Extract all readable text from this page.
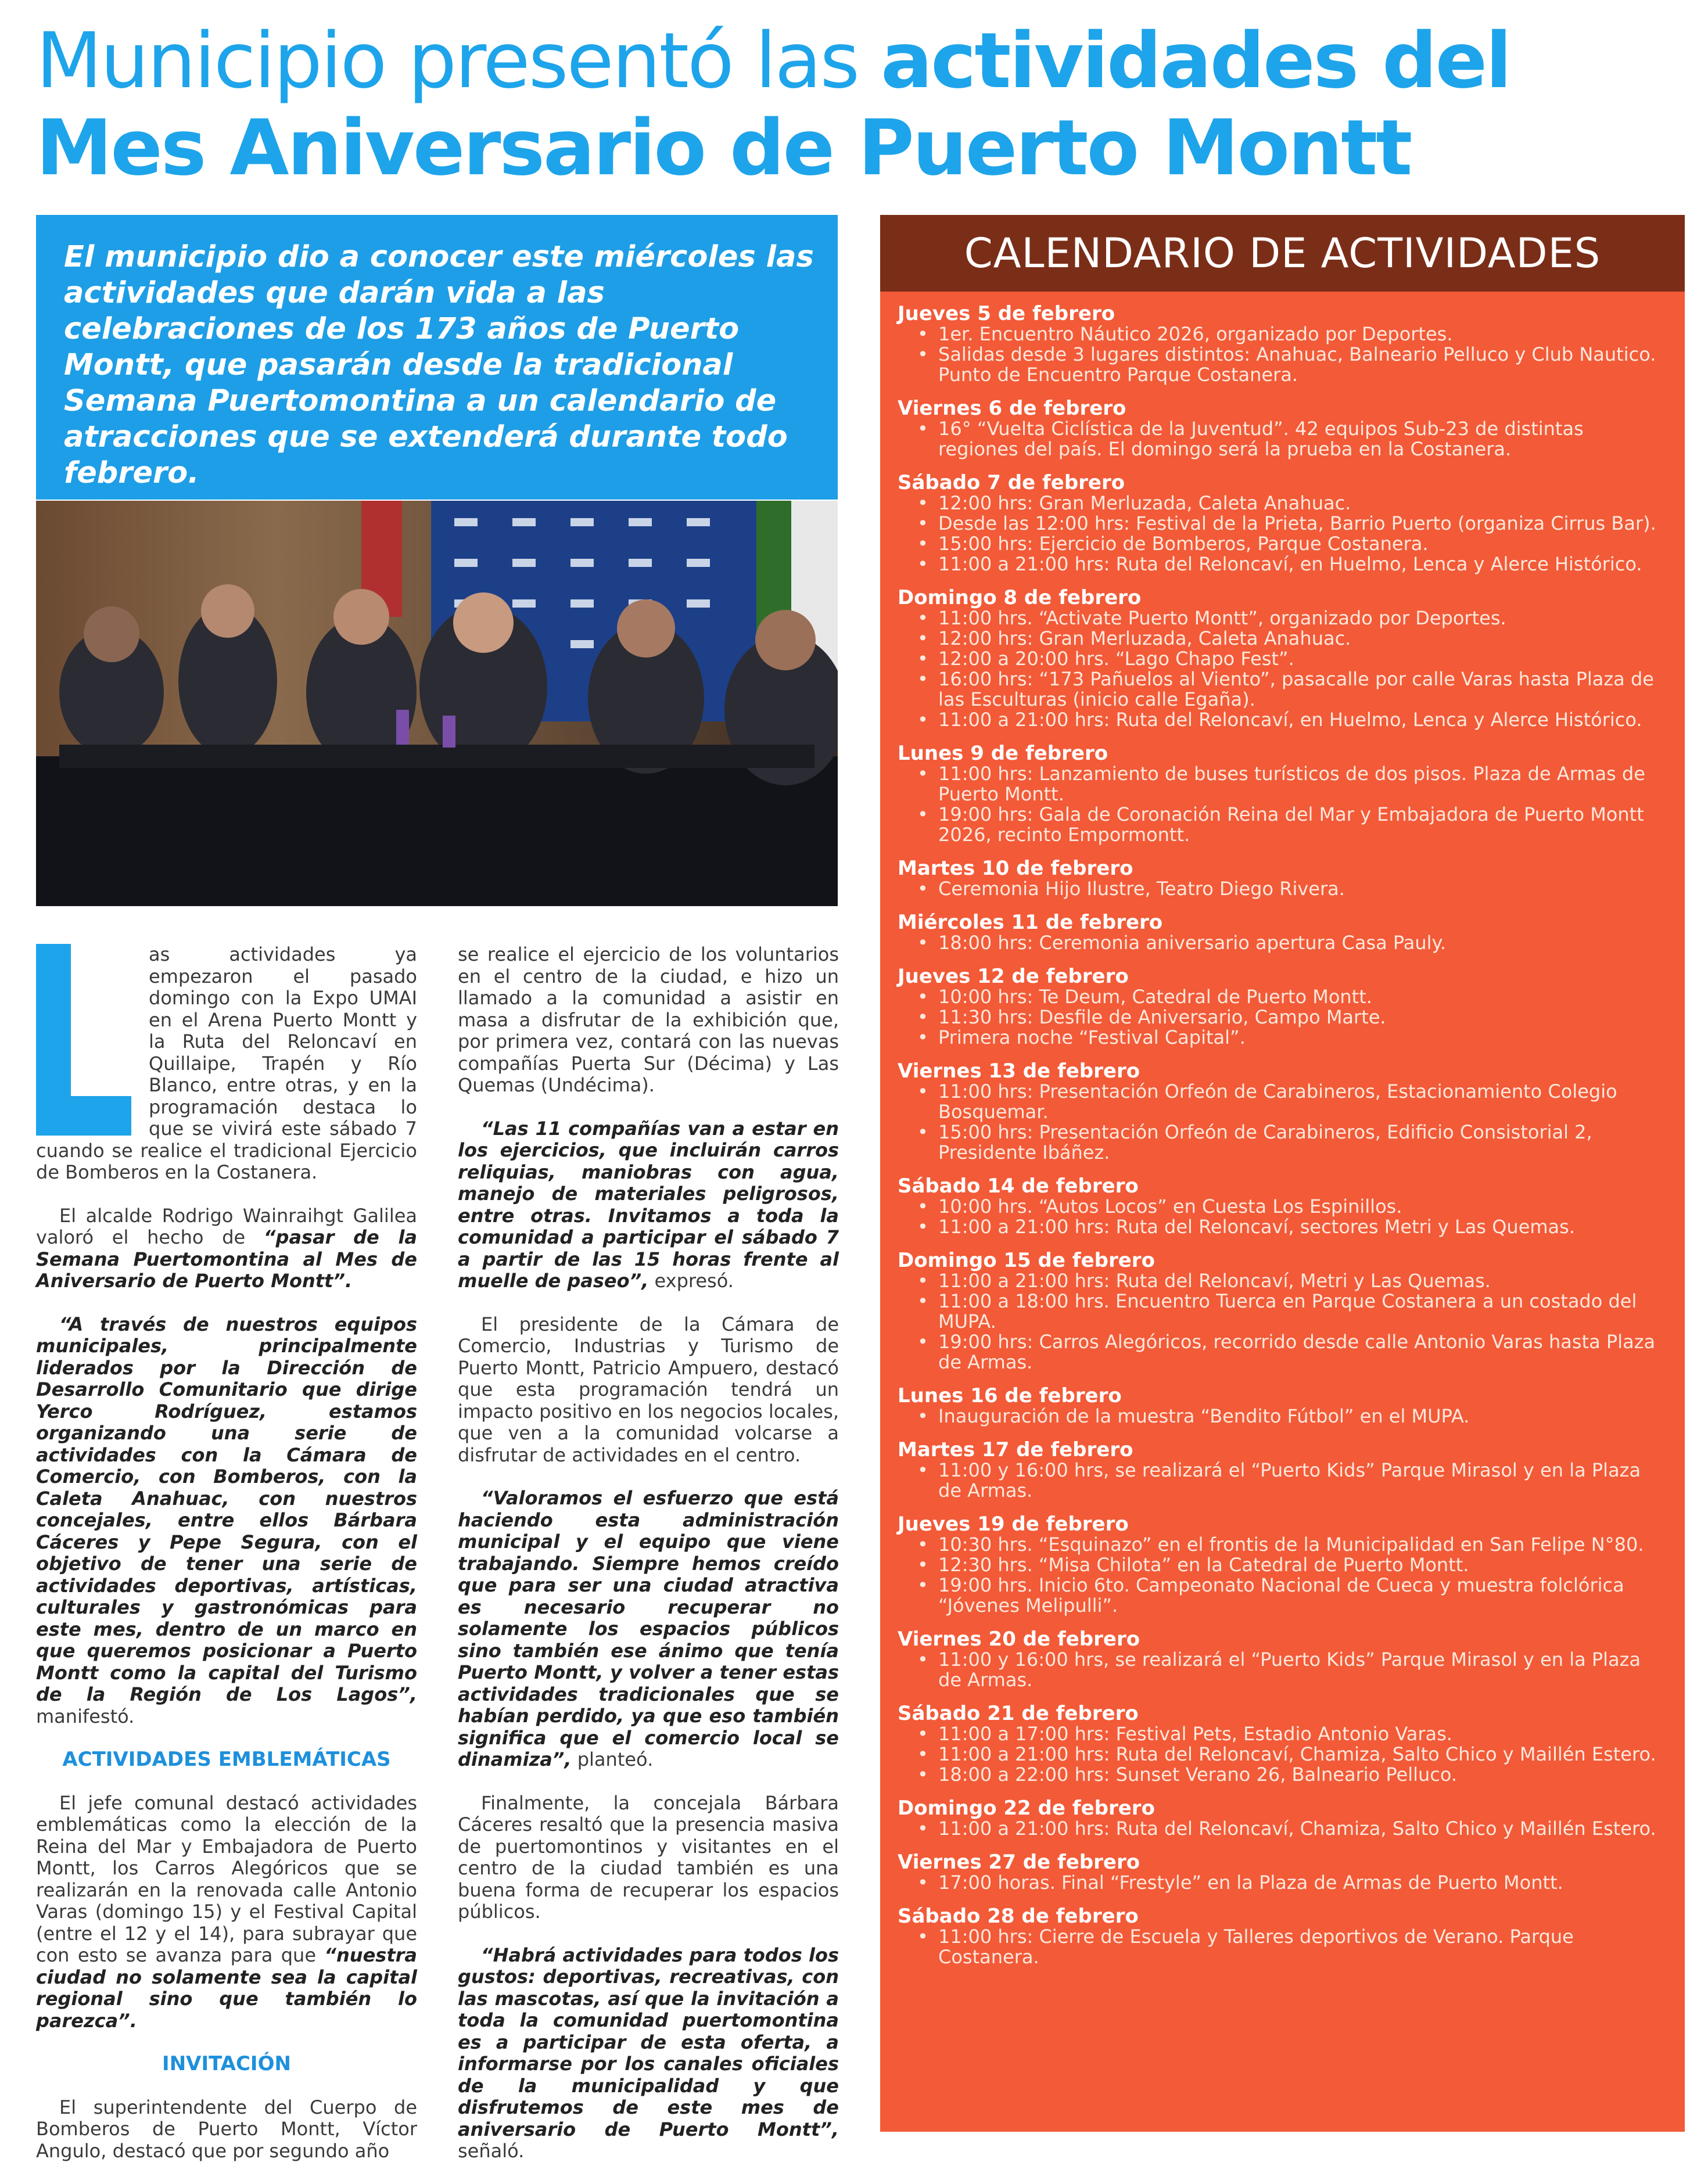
Municipio presentó las actividades del
Mes Aniversario de Puerto Montt

El municipio dio a conocer este miércoles las actividades que darán vida a las celebraciones de los 173 años de Puerto Montt, que pasarán desde la tradicional Semana Puertomontina a un calendario de atracciones que se extenderá durante todo febrero.

as actividades ya empezaron el pasado domingo con la Expo UMAI en el Arena Puerto Montt y la Ruta del Reloncaví en Quillaipe, Trapén y Río Blanco, entre otras, y en la programación destaca lo que se vivirá este sábado 7 cuando se realice el tradicional Ejercicio de Bomberos en la Costanera.

El alcalde Rodrigo Wainraihgt Galilea valoró el hecho de “pasar de la Semana Puertomontina al Mes de Aniversario de Puerto Montt”.

“A través de nuestros equipos municipales, principalmente liderados por la Dirección de Desarrollo Comunitario que dirige Yerco Rodríguez, estamos organizando una serie de actividades con la Cámara de Comercio, con Bomberos, con la Caleta Anahuac, con nuestros concejales, entre ellos Bárbara Cáceres y Pepe Segura, con el objetivo de tener una serie de actividades deportivas, artísticas, culturales y gastronómicas para este mes, dentro de un marco en que queremos posicionar a Puerto Montt como la capital del Turismo de la Región de Los Lagos”, manifestó.

ACTIVIDADES EMBLEMÁTICAS

El jefe comunal destacó actividades emblemáticas como la elección de la Reina del Mar y Embajadora de Puerto Montt, los Carros Alegóricos que se realizarán en la renovada calle Antonio Varas (domingo 15) y el Festival Capital (entre el 12 y el 14), para subrayar que con esto se avanza para que “nuestra ciudad no solamente sea la capital regional sino que también lo parezca”.

INVITACIÓN

El superintendente del Cuerpo de Bomberos de Puerto Montt, Víctor Angulo, destacó que por segundo año

se realice el ejercicio de los voluntarios en el centro de la ciudad, e hizo un llamado a la comunidad a asistir en masa a disfrutar de la exhibición que, por primera vez, contará con las nuevas compañías Puerta Sur (Décima) y Las Quemas (Undécima).

“Las 11 compañías van a estar en los ejercicios, que incluirán carros reliquias, maniobras con agua, manejo de materiales peligrosos, entre otras. Invitamos a toda la comunidad a participar el sábado 7 a partir de las 15 horas frente al muelle de paseo”, expresó.

El presidente de la Cámara de Comercio, Industrias y Turismo de Puerto Montt, Patricio Ampuero, destacó que esta programación tendrá un impacto positivo en los negocios locales, que ven a la comunidad volcarse a disfrutar de actividades en el centro.

“Valoramos el esfuerzo que está haciendo esta administración municipal y el equipo que viene trabajando. Siempre hemos creído que para ser una ciudad atractiva es necesario recuperar no solamente los espacios públicos sino también ese ánimo que tenía Puerto Montt, y volver a tener estas actividades tradicionales que se habían perdido, ya que eso también significa que el comercio local se dinamiza”, planteó.

Finalmente, la concejala Bárbara Cáceres resaltó que la presencia masiva de puertomontinos y visitantes en el centro de la ciudad también es una buena forma de recuperar los espacios públicos.

“Habrá actividades para todos los gustos: deportivas, recreativas, con las mascotas, así que la invitación a toda la comunidad puertomontina es a participar de esta oferta, a informarse por los canales oficiales de la municipalidad y que disfrutemos de este mes de aniversario de Puerto Montt”, señaló.

CALENDARIO DE ACTIVIDADES

Jueves 5 de febrero

• 1er. Encuentro Náutico 2026, organizado por Deportes.
• Salidas desde 3 lugares distintos: Anahuac, Balneario Pelluco y Club Nautico. Punto de Encuentro Parque Costanera.

Viernes 6 de febrero

• 16° “Vuelta Ciclística de la Juventud”. 42 equipos Sub-23 de distintas regiones del país. El domingo será la prueba en la Costanera.

Sábado 7 de febrero

• 12:00 hrs: Gran Merluzada, Caleta Anahuac.
• Desde las 12:00 hrs: Festival de la Prieta, Barrio Puerto (organiza Cirrus Bar).
• 15:00 hrs: Ejercicio de Bomberos, Parque Costanera.
• 11:00 a 21:00 hrs: Ruta del Reloncaví, en Huelmo, Lenca y Alerce Histórico.

Domingo 8 de febrero

• 11:00 hrs. “Activate Puerto Montt”, organizado por Deportes.
• 12:00 hrs: Gran Merluzada, Caleta Anahuac.
• 12:00 a 20:00 hrs. “Lago Chapo Fest”.
• 16:00 hrs: “173 Pañuelos al Viento”, pasacalle por calle Varas hasta Plaza de las Esculturas (inicio calle Egaña).
• 11:00 a 21:00 hrs: Ruta del Reloncaví, en Huelmo, Lenca y Alerce Histórico.

Lunes 9 de febrero

• 11:00 hrs: Lanzamiento de buses turísticos de dos pisos. Plaza de Armas de Puerto Montt.
• 19:00 hrs: Gala de Coronación Reina del Mar y Embajadora de Puerto Montt 2026, recinto Empormontt.

Martes 10 de febrero

• Ceremonia Hijo Ilustre, Teatro Diego Rivera.

Miércoles 11 de febrero

• 18:00 hrs: Ceremonia aniversario apertura Casa Pauly.

Jueves 12 de febrero

• 10:00 hrs: Te Deum, Catedral de Puerto Montt.
• 11:30 hrs: Desfile de Aniversario, Campo Marte.
• Primera noche “Festival Capital”.

Viernes 13 de febrero

• 11:00 hrs: Presentación Orfeón de Carabineros, Estacionamiento Colegio Bosquemar.
• 15:00 hrs: Presentación Orfeón de Carabineros, Edificio Consistorial 2, Presidente Ibáñez.

Sábado 14 de febrero

• 10:00 hrs. “Autos Locos” en Cuesta Los Espinillos.
• 11:00 a 21:00 hrs: Ruta del Reloncaví, sectores Metri y Las Quemas.

Domingo 15 de febrero

• 11:00 a 21:00 hrs: Ruta del Reloncaví, Metri y Las Quemas.
• 11:00 a 18:00 hrs. Encuentro Tuerca en Parque Costanera a un costado del MUPA.
• 19:00 hrs: Carros Alegóricos, recorrido desde calle Antonio Varas hasta Plaza de Armas.

Lunes 16 de febrero

• Inauguración de la muestra “Bendito Fútbol” en el MUPA.

Martes 17 de febrero

• 11:00 y 16:00 hrs, se realizará el “Puerto Kids” Parque Mirasol y en la Plaza de Armas.

Jueves 19 de febrero

• 10:30 hrs. “Esquinazo” en el frontis de la Municipalidad en San Felipe N°80.
• 12:30 hrs. “Misa Chilota” en la Catedral de Puerto Montt.
• 19:00 hrs. Inicio 6to. Campeonato Nacional de Cueca y muestra folclórica “Jóvenes Melipulli”.

Viernes 20 de febrero

• 11:00 y 16:00 hrs, se realizará el “Puerto Kids” Parque Mirasol y en la Plaza de Armas.

Sábado 21 de febrero

• 11:00 a 17:00 hrs: Festival Pets, Estadio Antonio Varas.
• 11:00 a 21:00 hrs: Ruta del Reloncaví, Chamiza, Salto Chico y Maillén Estero.
• 18:00 a 22:00 hrs: Sunset Verano 26, Balneario Pelluco.

Domingo 22 de febrero

• 11:00 a 21:00 hrs: Ruta del Reloncaví, Chamiza, Salto Chico y Maillén Estero.

Viernes 27 de febrero

• 17:00 horas. Final “Frestyle” en la Plaza de Armas de Puerto Montt.

Sábado 28 de febrero

• 11:00 hrs: Cierre de Escuela y Talleres deportivos de Verano. Parque Costanera.
